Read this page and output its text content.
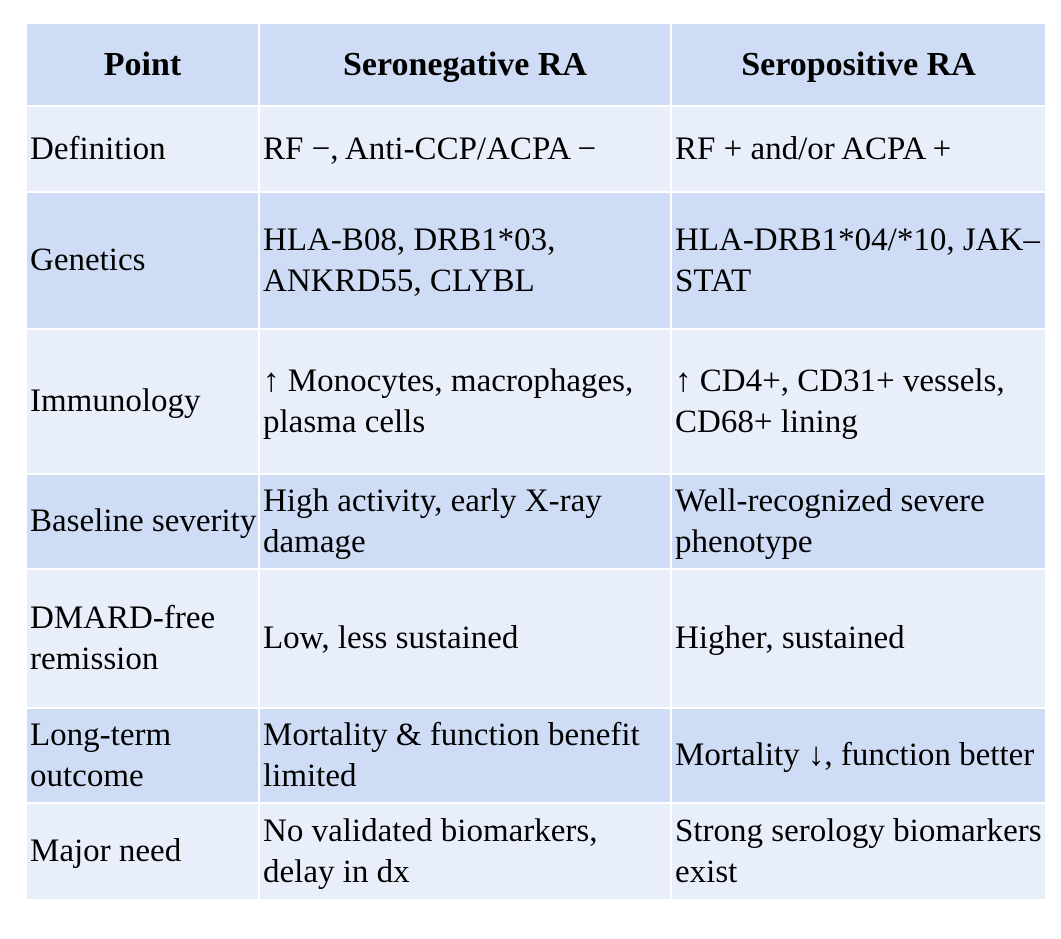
Point	Seronegative RA	Seropositive RA
Definition	RF −, Anti-CCP/ACPA −	RF + and/or ACPA +
Genetics	HLA-B08, DRB1*03, ANKRD55, CLYBL	HLA-DRB1*04/*10, JAK–STAT
Immunology	↑ Monocytes, macrophages, plasma cells	↑ CD4+, CD31+ vessels, CD68+ lining
Baseline severity	High activity, early X-ray damage	Well-recognized severe phenotype
DMARD-free remission	Low, less sustained	Higher, sustained
Long-term outcome	Mortality & function benefit limited	Mortality ↓, function better
Major need	No validated biomarkers, delay in dx	Strong serology biomarkers exist
